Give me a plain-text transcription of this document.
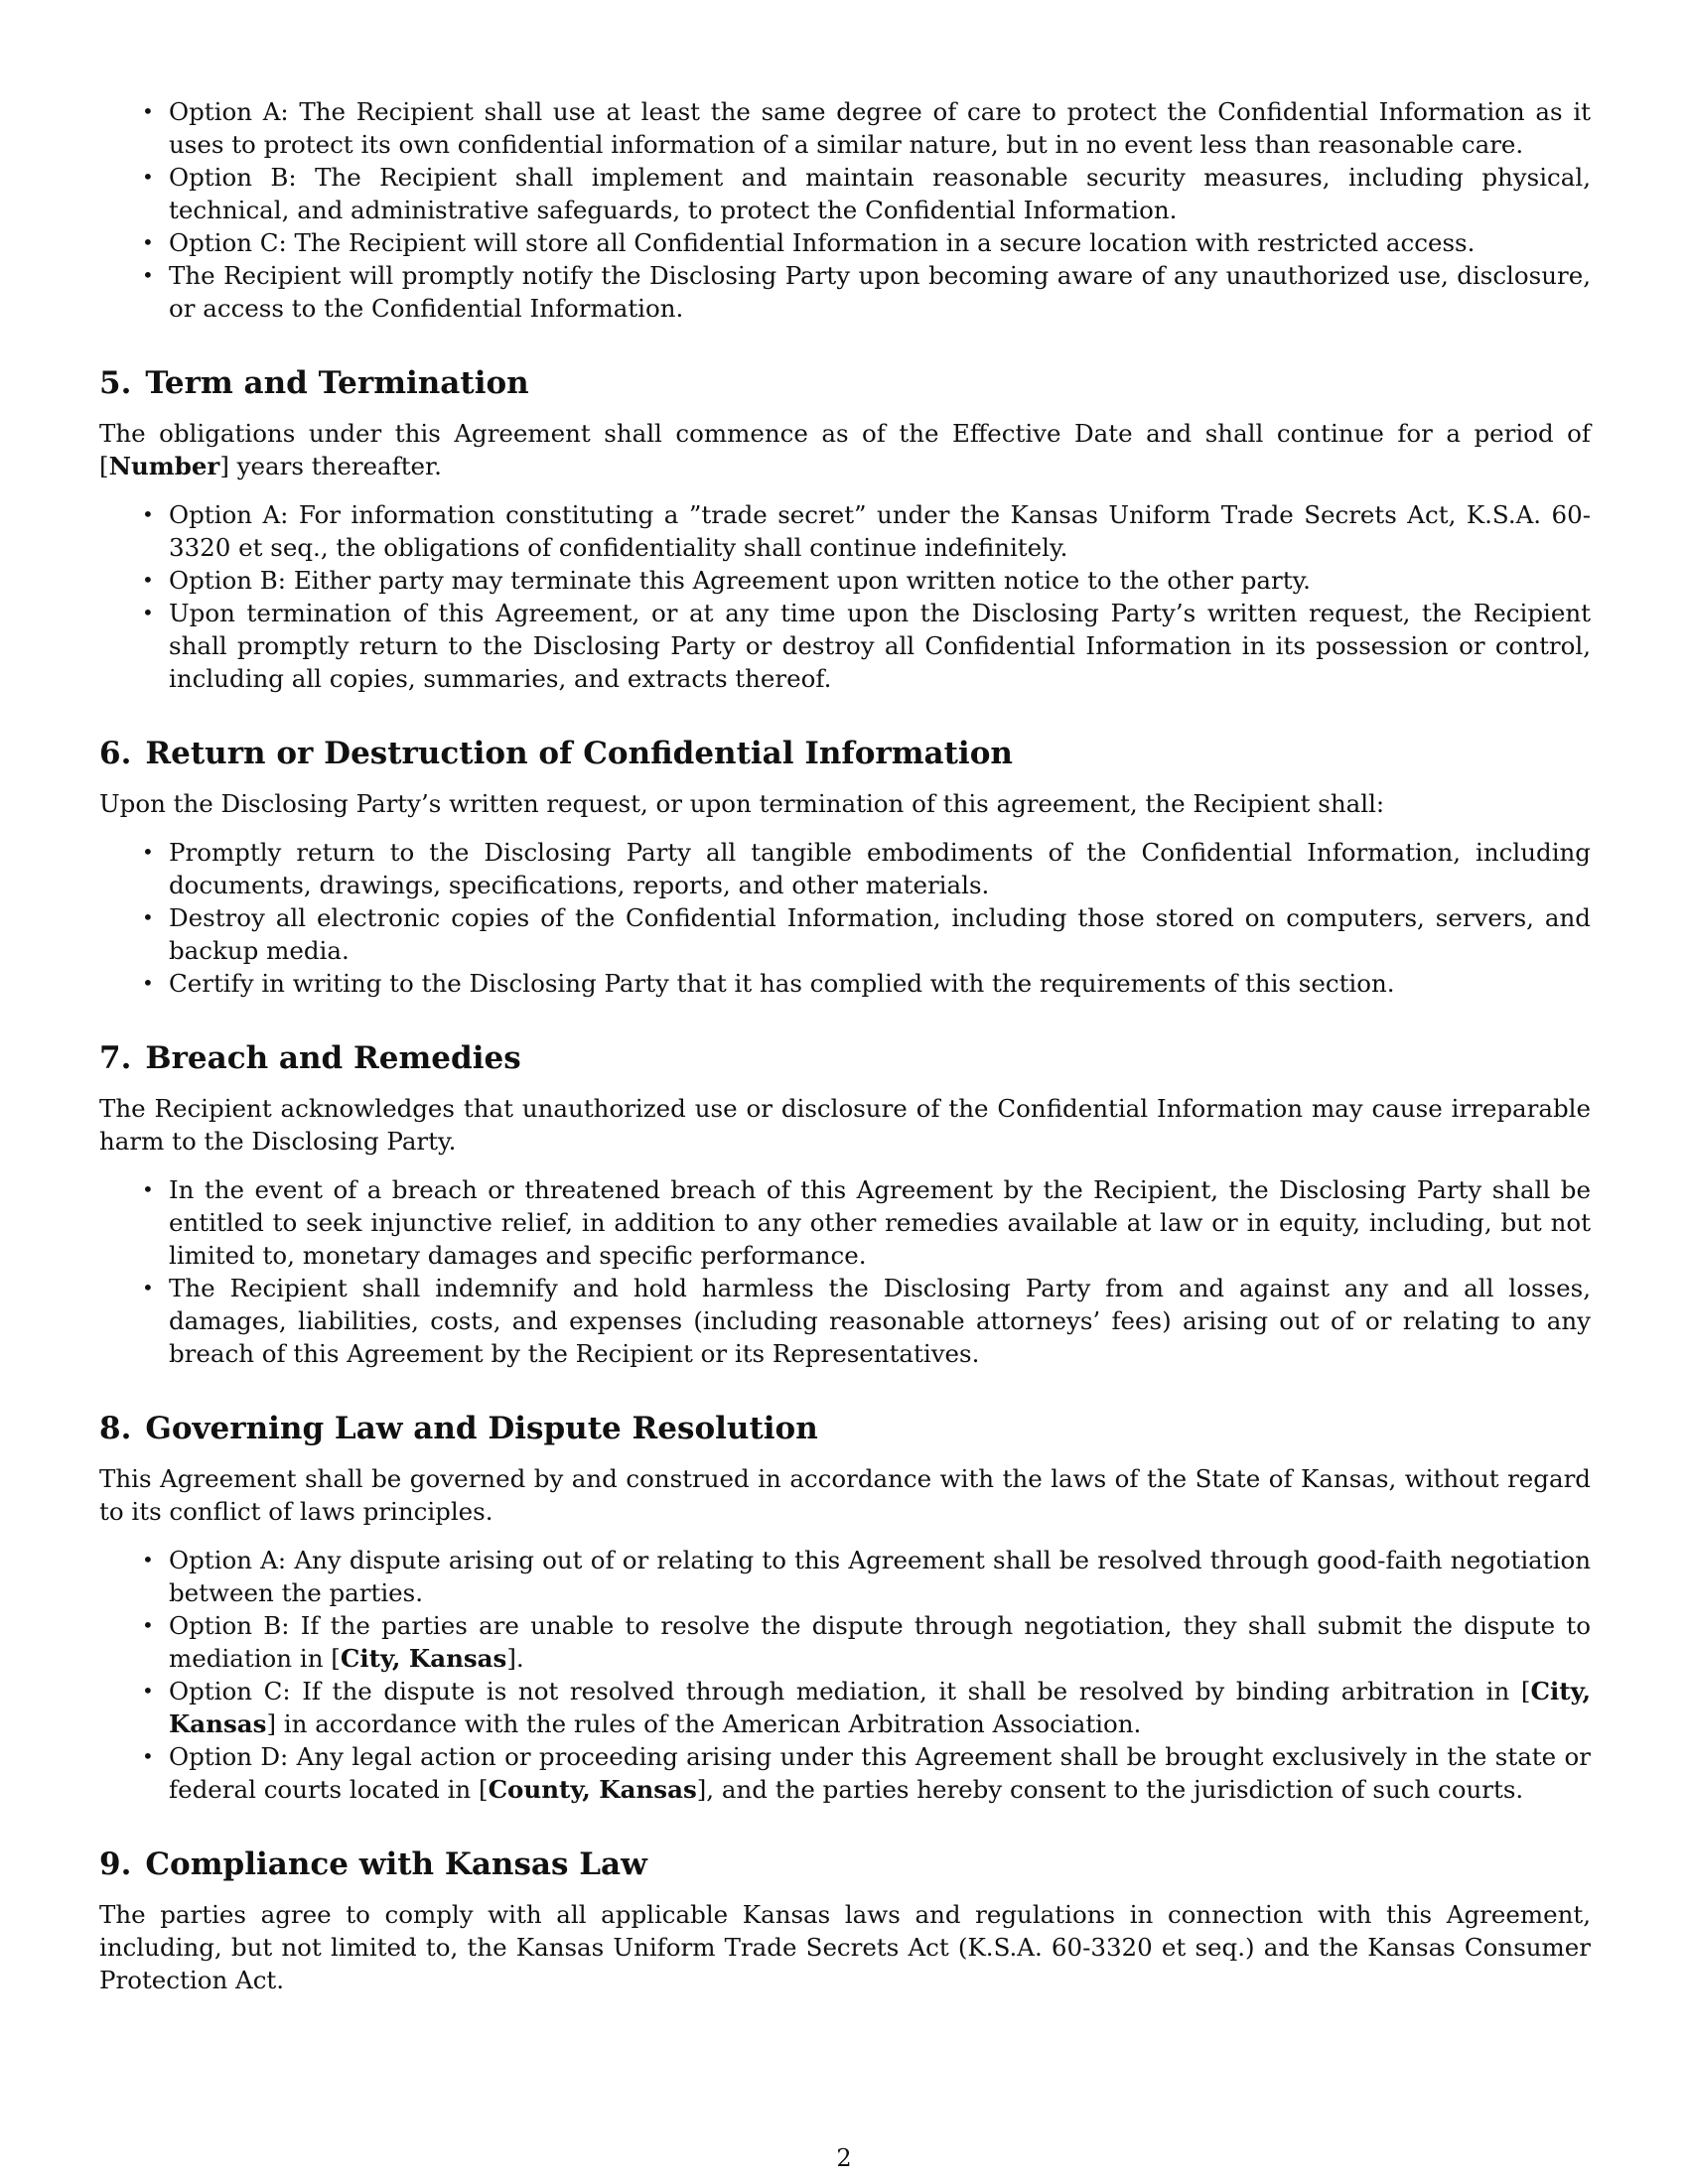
• Option A: The Recipient shall use at least the same degree of care to protect the Confidential Information as it uses to protect its own confidential information of a similar nature, but in no event less than reasonable care.
• Option B: The Recipient shall implement and maintain reasonable security measures, including physical, technical, and administrative safeguards, to protect the Confidential Information.
• Option C: The Recipient will store all Confidential Information in a secure location with restricted access.
• The Recipient will promptly notify the Disclosing Party upon becoming aware of any unauthorized use, disclosure, or access to the Confidential Information.
5. Term and Termination

The obligations under this Agreement shall commence as of the Effective Date and shall continue for a period of [Number] years thereafter.

• Option A: For information constituting a ”trade secret” under the Kansas Uniform Trade Secrets Act, K.S.A. 60-3320 et seq., the obligations of confidentiality shall continue indefinitely.
• Option B: Either party may terminate this Agreement upon written notice to the other party.
• Upon termination of this Agreement, or at any time upon the Disclosing Party’s written request, the Recipient shall promptly return to the Disclosing Party or destroy all Confidential Information in its possession or control, including all copies, summaries, and extracts thereof.
6. Return or Destruction of Confidential Information

Upon the Disclosing Party’s written request, or upon termination of this agreement, the Recipient shall:

• Promptly return to the Disclosing Party all tangible embodiments of the Confidential Information, including documents, drawings, specifications, reports, and other materials.
• Destroy all electronic copies of the Confidential Information, including those stored on computers, servers, and backup media.
• Certify in writing to the Disclosing Party that it has complied with the requirements of this section.
7. Breach and Remedies

The Recipient acknowledges that unauthorized use or disclosure of the Confidential Information may cause irreparable harm to the Disclosing Party.

• In the event of a breach or threatened breach of this Agreement by the Recipient, the Disclosing Party shall be entitled to seek injunctive relief, in addition to any other remedies available at law or in equity, including, but not limited to, monetary damages and specific performance.
• The Recipient shall indemnify and hold harmless the Disclosing Party from and against any and all losses, damages, liabilities, costs, and expenses (including reasonable attorneys’ fees) arising out of or relating to any breach of this Agreement by the Recipient or its Representatives.
8. Governing Law and Dispute Resolution

This Agreement shall be governed by and construed in accordance with the laws of the State of Kansas, without regard to its conflict of laws principles.

• Option A: Any dispute arising out of or relating to this Agreement shall be resolved through good-faith negotiation between the parties.
• Option B: If the parties are unable to resolve the dispute through negotiation, they shall submit the dispute to mediation in [City, Kansas].
• Option C: If the dispute is not resolved through mediation, it shall be resolved by binding arbitration in [City, Kansas] in accordance with the rules of the American Arbitration Association.
• Option D: Any legal action or proceeding arising under this Agreement shall be brought exclusively in the state or federal courts located in [County, Kansas], and the parties hereby consent to the jurisdiction of such courts.
9. Compliance with Kansas Law

The parties agree to comply with all applicable Kansas laws and regulations in connection with this Agreement, including, but not limited to, the Kansas Uniform Trade Secrets Act (K.S.A. 60-3320 et seq.) and the Kansas Consumer Protection Act.

2
